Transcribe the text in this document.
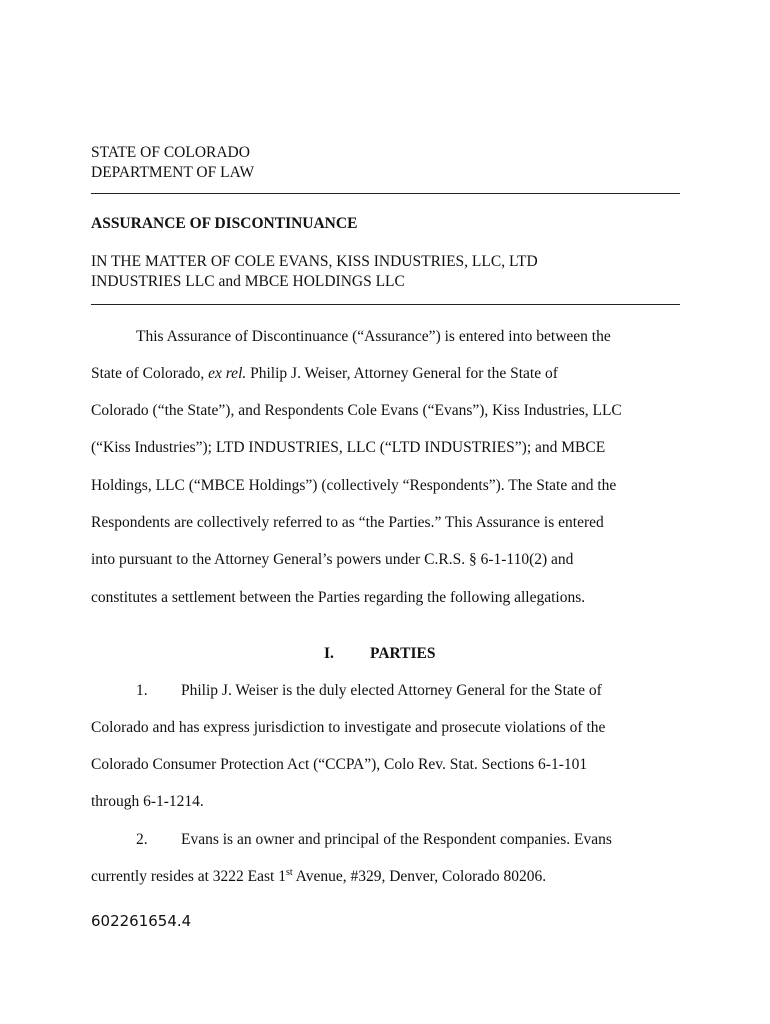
STATE OF COLORADO
DEPARTMENT OF LAW
ASSURANCE OF DISCONTINUANCE
IN THE MATTER OF COLE EVANS, KISS INDUSTRIES, LLC, LTD
INDUSTRIES LLC and MBCE HOLDINGS LLC
This Assurance of Discontinuance (“Assurance”) is entered into between the
State of Colorado, ex rel. Philip J. Weiser, Attorney General for the State of
Colorado (“the State”), and Respondents Cole Evans (“Evans”), Kiss Industries, LLC
(“Kiss Industries”); LTD INDUSTRIES, LLC (“LTD INDUSTRIES”); and MBCE
Holdings, LLC (“MBCE Holdings”) (collectively “Respondents”). The State and the
Respondents are collectively referred to as “the Parties.” This Assurance is entered
into pursuant to the Attorney General’s powers under C.R.S. § 6-1-110(2) and
constitutes a settlement between the Parties regarding the following allegations.
I. PARTIES
1. Philip J. Weiser is the duly elected Attorney General for the State of
Colorado and has express jurisdiction to investigate and prosecute violations of the
Colorado Consumer Protection Act (“CCPA”), Colo Rev. Stat. Sections 6-1-101
through 6-1-1214.
2. Evans is an owner and principal of the Respondent companies. Evans
currently resides at 3222 East 1st Avenue, #329, Denver, Colorado 80206.
602261654.4
